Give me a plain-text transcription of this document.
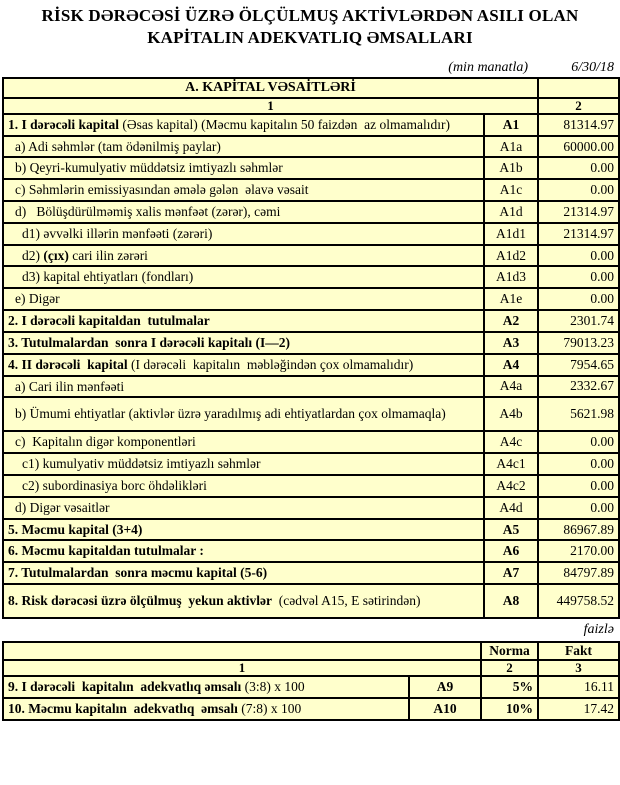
RİSK DƏRƏCƏSİ ÜZRƏ ÖLÇÜLMUŞ AKTİVLƏRDƏN ASILI OLAN
KAPİTALIN ADEKVATLIQ ƏMSALLARI
(min manatla)	6/30/18
A. KAPİTAL VƏSAİTLƏRİ		
1		2
1. I dərəcəli kapital (Əsas kapital) (Məcmu kapitalın 50 faizdən  az olmamalıdır)	A1	81314.97
a) Adi səhmlər (tam ödənilmiş paylar)	A1a	60000.00
b) Qeyri-kumulyativ müddətsiz imtiyazlı səhmlər	A1b	0.00
c) Səhmlərin emissiyasından əmələ gələn  əlavə vəsait	A1c	0.00
d)   Bölüşdürülməmiş xalis mənfəət (zərər), cəmi	A1d	21314.97
d1) əvvəlki illərin mənfəəti (zərəri)	A1d1	21314.97
d2) (çıx) cari ilin zərəri	A1d2	0.00
d3) kapital ehtiyatları (fondları)	A1d3	0.00
e) Digər	A1e	0.00
2. I dərəcəli kapitaldan  tutulmalar	A2	2301.74
3. Tutulmalardan  sonra I dərəcəli kapitalı (I—2)	A3	79013.23
4. II dərəcəli  kapital (I dərəcəli  kapitalın  məbləğindən çox olmamalıdır)	A4	7954.65
a) Cari ilin mənfəəti	A4a	2332.67
b) Ümumi ehtiyatlar (aktivlər üzrə yaradılmış adi ehtiyatlardan çox olmamaqla)	A4b	5621.98
c)  Kapitalın digər komponentləri	A4c	0.00
c1) kumulyativ müddətsiz imtiyazlı səhmlər	A4c1	0.00
c2) subordinasiya borc öhdəlikləri	A4c2	0.00
d) Digər vəsaitlər	A4d	0.00
5. Məcmu kapital (3+4)	A5	86967.89
6. Məcmu kapitaldan tutulmalar :	A6	2170.00
7. Tutulmalardan  sonra məcmu kapital (5-6)	A7	84797.89
8. Risk dərəcəsi üzrə ölçülmuş  yekun aktivlər  (cədvəl A15, E sətirindən)	A8	449758.52
faizlə
		Norma	Fakt
1		2	3
9. I dərəcəli  kapitalın  adekvatlıq əmsalı (3:8) x 100	A9	5%	16.11
10. Məcmu kapitalın  adekvatlıq  əmsalı (7:8) x 100	A10	10%	17.42
